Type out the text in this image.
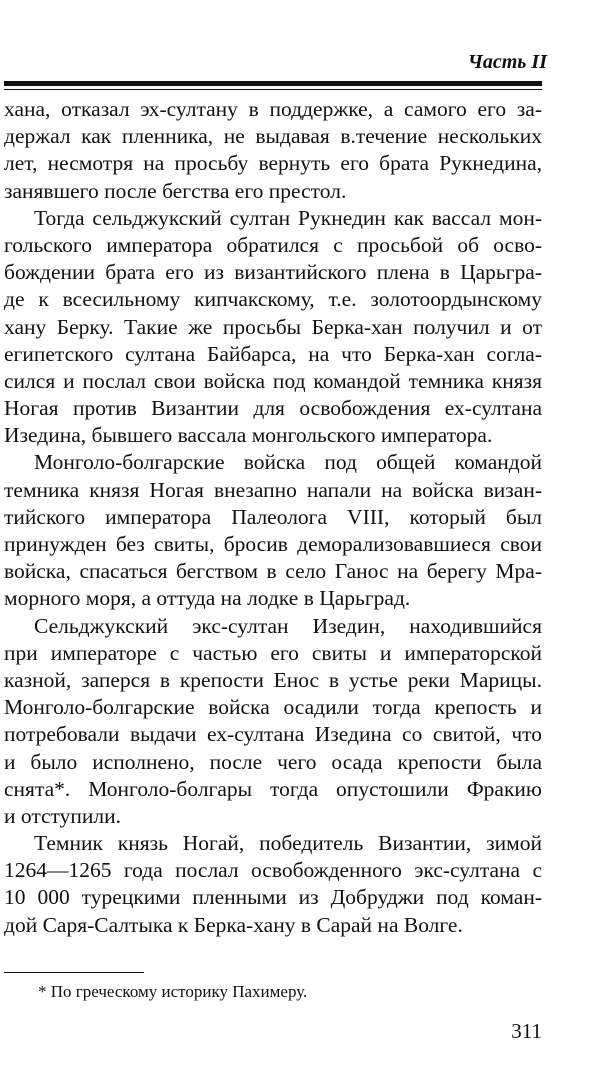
Часть II
хана, отказал эх-султану в поддержке, а самого его за-
держал как пленника, не выдавая в.течение нескольких
лет, несмотря на просьбу вернуть его брата Рукнедина,
занявшего после бегства его престол.
Тогда сельджукский султан Рукнедин как вассал мон-
гольского императора обратился с просьбой об осво-
бождении брата его из византийского плена в Царьгра-
де к всесильному кипчакскому, т.е. золотоордынскому
хану Берку. Такие же просьбы Берка-хан получил и от
египетского султана Байбарса, на что Берка-хан согла-
сился и послал свои войска под командой темника князя
Ногая против Византии для освобождения ех-султана
Изедина, бывшего вассала монгольского императора.
Монголо-болгарские войска под общей командой
темника князя Ногая внезапно напали на войска визан-
тийского императора Палеолога VIII, который был
принужден без свиты, бросив деморализовавшиеся свои
войска, спасаться бегством в село Ганос на берегу Мра-
морного моря, а оттуда на лодке в Царьград.
Сельджукский экс-султан Изедин, находившийся
при императоре с частью его свиты и императорской
казной, заперся в крепости Енос в устье реки Марицы.
Монголо-болгарские войска осадили тогда крепость и
потребовали выдачи ех-султана Изедина со свитой, что
и было исполнено, после чего осада крепости была
снята*. Монголо-болгары тогда опустошили Фракию
и отступили.
Темник князь Ногай, победитель Византии, зимой
1264—1265 года послал освобожденного экс-султана с
10 000 турецкими пленными из Добруджи под коман-
дой Саря-Салтыка к Берка-хану в Сарай на Волге.
* По греческому историку Пахимеру.
311
